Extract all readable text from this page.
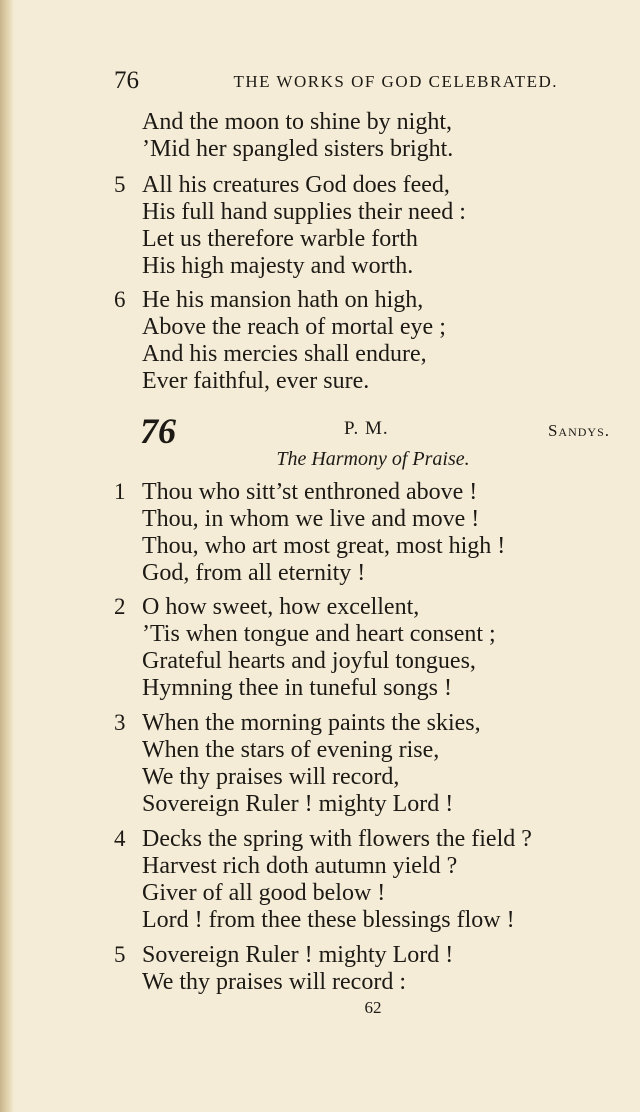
76	THE WORKS OF GOD CELEBRATED.
And the moon to shine by night,
’Mid her spangled sisters bright.
5 All his creatures God does feed,
His full hand supplies their need :
Let us therefore warble forth
His high majesty and worth.
6 He his mansion hath on high,
Above the reach of mortal eye ;
And his mercies shall endure,
Ever faithful, ever sure.
76	P. M.	Sandys.
The Harmony of Praise.
1 Thou who sitt’st enthroned above !
Thou, in whom we live and move !
Thou, who art most great, most high !
God, from all eternity !
2 O how sweet, how excellent,
’Tis when tongue and heart consent ;
Grateful hearts and joyful tongues,
Hymning thee in tuneful songs !
3 When the morning paints the skies,
When the stars of evening rise,
We thy praises will record,
Sovereign Ruler ! mighty Lord !
4 Decks the spring with flowers the field ?
Harvest rich doth autumn yield ?
Giver of all good below !
Lord ! from thee these blessings flow !
5 Sovereign Ruler ! mighty Lord !
We thy praises will record :
62
